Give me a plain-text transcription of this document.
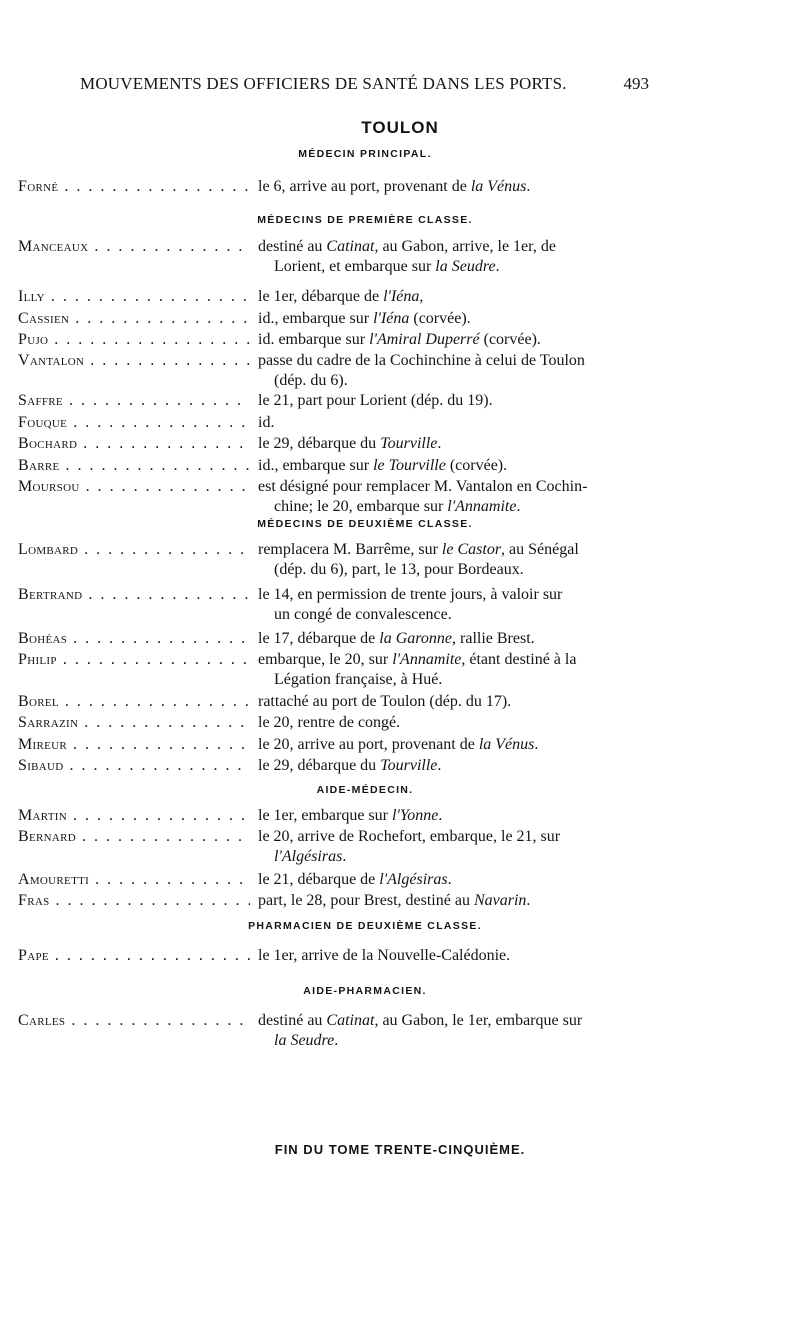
MOUVEMENTS DES OFFICIERS DE SANTÉ DANS LES PORTS.	493
TOULON
MÉDECIN PRINCIPAL.
Forné . . .	le 6, arrive au port, provenant de la Vénus.
MÉDECINS DE PREMIÈRE CLASSE.
Manceaux . . .	destiné au Catinat, au Gabon, arrive, le 1er, de
Lorient, et embarque sur la Seudre.
Illy . . .	le 1er, débarque de l'Iéna,
Cassien . . .	id., embarque sur l'Iéna (corvée).
Pujo . . .	id. embarque sur l'Amiral Duperré (corvée).
Vantalon . . .	passe du cadre de la Cochinchine à celui de Toulon
(dép. du 6).
Saffre . . .	le 21, part pour Lorient (dép. du 19).
Fouque . . .	id.
Bochard . . .	le 29, débarque du Tourville.
Barre . . .	id., embarque sur le Tourville (corvée).
Moursou . . .	est désigné pour remplacer M. Vantalon en Cochin-
chine; le 20, embarque sur l'Annamite.
MÉDECINS DE DEUXIÈME CLASSE.
Lombard . . .	remplacera M. Barrême, sur le Castor, au Sénégal
(dép. du 6), part, le 13, pour Bordeaux.
Bertrand . . .	le 14, en permission de trente jours, à valoir sur
un congé de convalescence.
Bohéas . . .	le 17, débarque de la Garonne, rallie Brest.
Philip . . .	embarque, le 20, sur l'Annamite, étant destiné à la
Légation française, à Hué.
Borel . . .	rattaché au port de Toulon (dép. du 17).
Sarrazin . . .	le 20, rentre de congé.
Mireur . . .	le 20, arrive au port, provenant de la Vénus.
Sibaud . . .	le 29, débarque du Tourville.
AIDE-MÉDECIN.
Martin . . .	le 1er, embarque sur l'Yonne.
Bernard . . .	le 20, arrive de Rochefort, embarque, le 21, sur
l'Algésiras.
Amouretti . . .	le 21, débarque de l'Algésiras.
Fras . . .	part, le 28, pour Brest, destiné au Navarin.
PHARMACIEN DE DEUXIÈME CLASSE.
Pape . . .	le 1er, arrive de la Nouvelle-Calédonie.
AIDE-PHARMACIEN.
Carles . . .	destiné au Catinat, au Gabon, le 1er, embarque sur
la Seudre.
FIN DU TOME TRENTE-CINQUIÈME.
